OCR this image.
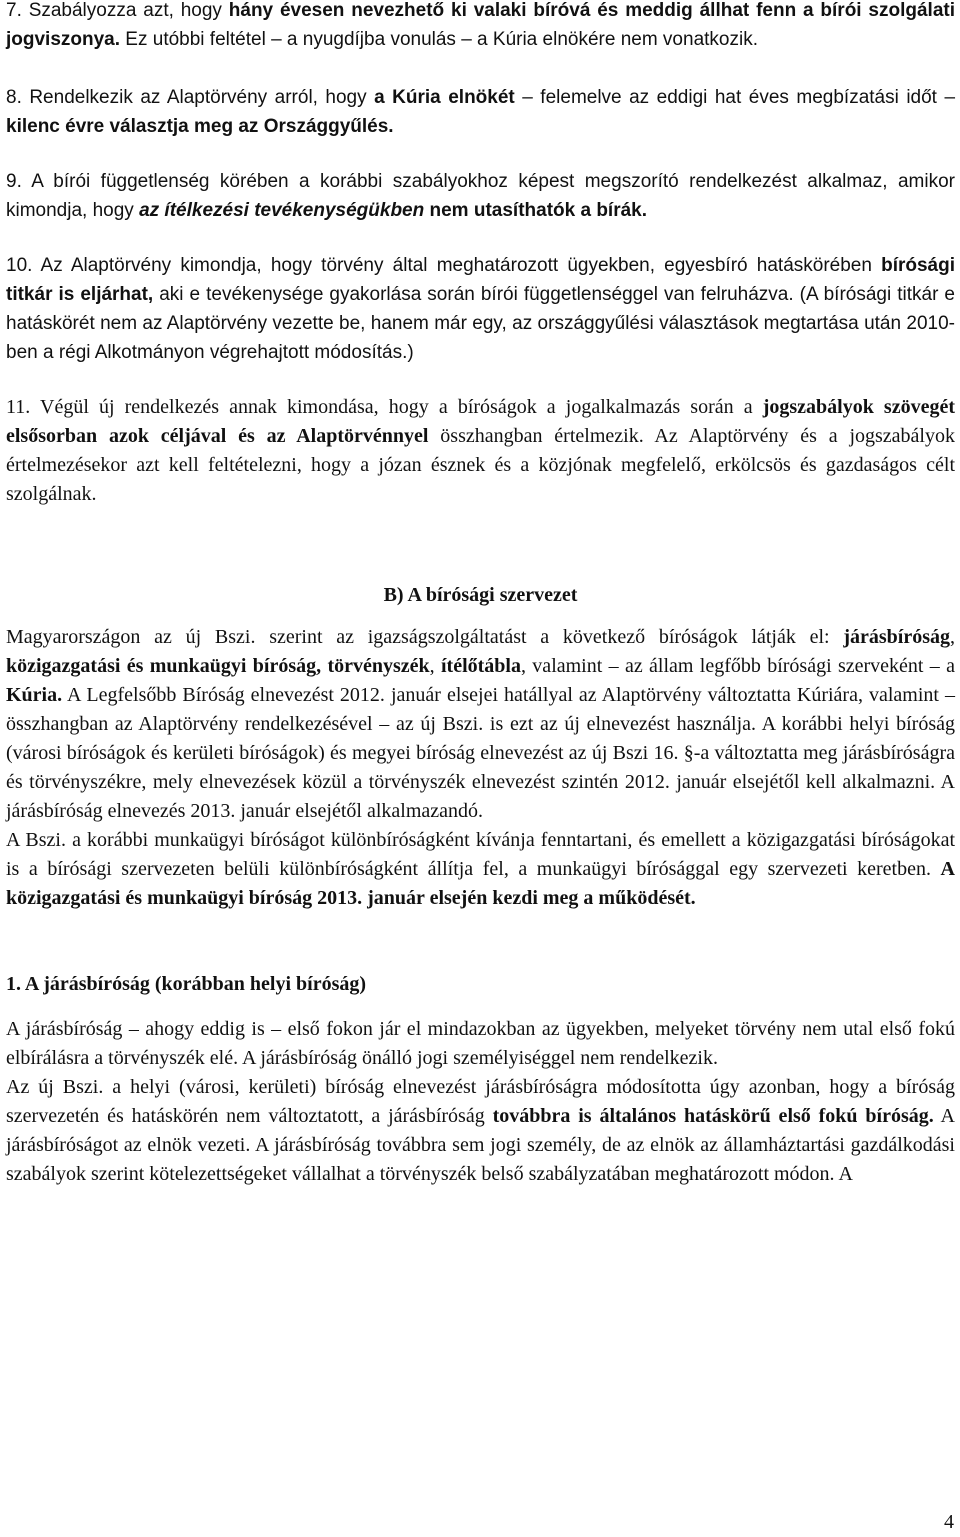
7. Szabályozza azt, hogy hány évesen nevezhető ki valaki bíróvá és meddig állhat fenn a bírói szolgálati jogviszonya. Ez utóbbi feltétel – a nyugdíjba vonulás – a Kúria elnökére nem vonatkozik.

8. Rendelkezik az Alaptörvény arról, hogy a Kúria elnökét – felemelve az eddigi hat éves megbízatási időt – kilenc évre választja meg az Országgyűlés.

9. A bírói függetlenség körében a korábbi szabályokhoz képest megszorító rendelkezést alkalmaz, amikor kimondja, hogy az ítélkezési tevékenységükben nem utasíthatók a bírák.

10. Az Alaptörvény kimondja, hogy törvény által meghatározott ügyekben, egyesbíró hatáskörében bírósági titkár is eljárhat, aki e tevékenysége gyakorlása során bírói függetlenséggel van felruházva. (A bírósági titkár e hatáskörét nem az Alaptörvény vezette be, hanem már egy, az országgyűlési választások megtartása után 2010-ben a régi Alkotmányon végrehajtott módosítás.)

11. Végül új rendelkezés annak kimondása, hogy a bíróságok a jogalkalmazás során a jogszabályok szövegét elsősorban azok céljával és az Alaptörvénnyel összhangban értelmezik. Az Alaptörvény és a jogszabályok értelmezésekor azt kell feltételezni, hogy a józan észnek és a közjónak megfelelő, erkölcsös és gazdaságos célt szolgálnak.

B) A bírósági szervezet

Magyarországon az új Bszi. szerint az igazságszolgáltatást a következő bíróságok látják el: járásbíróság, közigazgatási és munkaügyi bíróság, törvényszék, ítélőtábla, valamint – az állam legfőbb bírósági szerveként – a Kúria. A Legfelsőbb Bíróság elnevezést 2012. január elsejei hatállyal az Alaptörvény változtatta Kúriára, valamint – összhangban az Alaptörvény rendelkezésével – az új Bszi. is ezt az új elnevezést használja. A korábbi helyi bíróság (városi bíróságok és kerületi bíróságok) és megyei bíróság elnevezést az új Bszi 16. §-a változtatta meg járásbíróságra és törvényszékre, mely elnevezések közül a törvényszék elnevezést szintén 2012. január elsejétől kell alkalmazni. A járásbíróság elnevezés 2013. január elsejétől alkalmazandó.

A Bszi. a korábbi munkaügyi bíróságot különbíróságként kívánja fenntartani, és emellett a közigazgatási bíróságokat is a bírósági szervezeten belüli különbíróságként állítja fel, a munkaügyi bírósággal egy szervezeti keretben. A közigazgatási és munkaügyi bíróság 2013. január elsején kezdi meg a működését.

1. A járásbíróság (korábban helyi bíróság)

A járásbíróság – ahogy eddig is – első fokon jár el mindazokban az ügyekben, melyeket törvény nem utal első fokú elbírálásra a törvényszék elé. A járásbíróság önálló jogi személyiséggel nem rendelkezik.

Az új Bszi. a helyi (városi, kerületi) bíróság elnevezést járásbíróságra módosította úgy azonban, hogy a bíróság szervezetén és hatáskörén nem változtatott, a járásbíróság továbbra is általános hatáskörű első fokú bíróság. A járásbíróságot az elnök vezeti. A járásbíróság továbbra sem jogi személy, de az elnök az államháztartási gazdálkodási szabályok szerint kötelezettségeket vállalhat a törvényszék belső szabályzatában meghatározott módon. A

4
